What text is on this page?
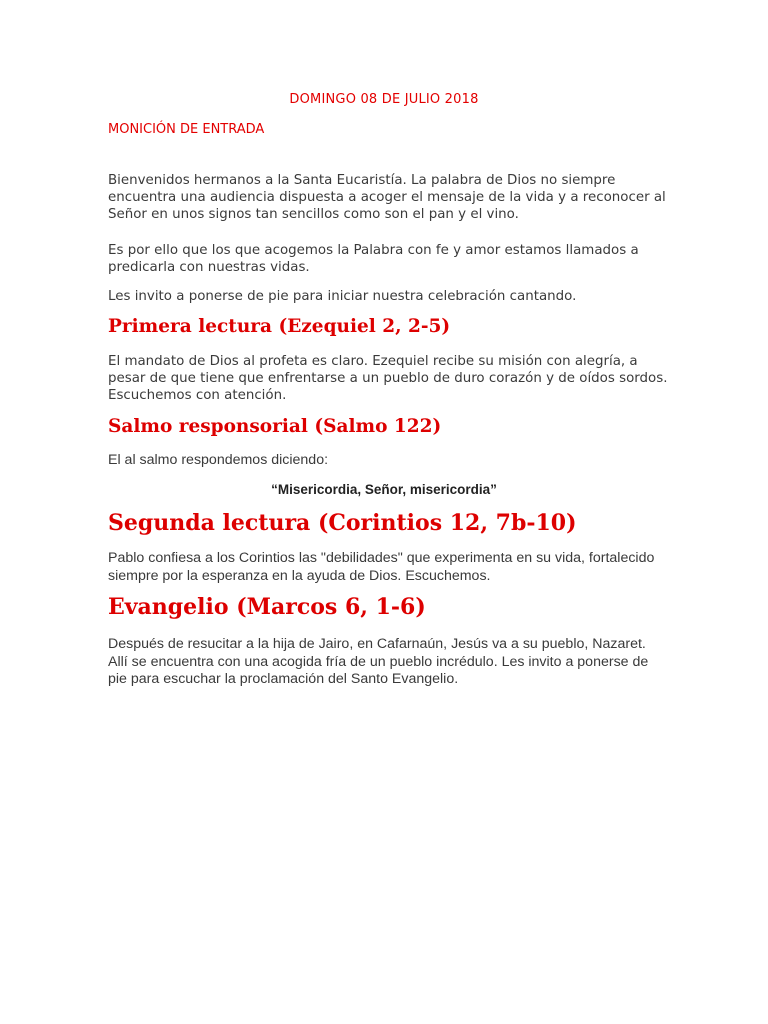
DOMINGO 08 DE JULIO 2018
MONICIÓN DE ENTRADA

Bienvenidos hermanos a la Santa Eucaristía. La palabra de Dios no siempre encuentra una audiencia dispuesta a acoger el mensaje de la vida y a reconocer al Señor en unos signos tan sencillos como son el pan y el vino.

Es por ello que los que acogemos la Palabra con fe y amor estamos llamados a predicarla con nuestras vidas.

Les invito a ponerse de pie para iniciar nuestra celebración cantando.

Primera lectura (Ezequiel 2, 2-5)

El mandato de Dios al profeta es claro. Ezequiel recibe su misión con alegría, a pesar de que tiene que enfrentarse a un pueblo de duro corazón y de oídos sordos. Escuchemos con atención.

Salmo responsorial (Salmo 122)

El al salmo respondemos diciendo:

“Misericordia, Señor, misericordia”
Segunda lectura (Corintios 12, 7b-10)

Pablo confiesa a los Corintios las "debilidades" que experimenta en su vida, fortalecido siempre por la esperanza en la ayuda de Dios. Escuchemos.

Evangelio (Marcos 6, 1-6)

Después de resucitar a la hija de Jairo, en Cafarnaún, Jesús va a su pueblo, Nazaret. Allí se encuentra con una acogida fría de un pueblo incrédulo. Les invito a ponerse de pie para escuchar la proclamación del Santo Evangelio.
